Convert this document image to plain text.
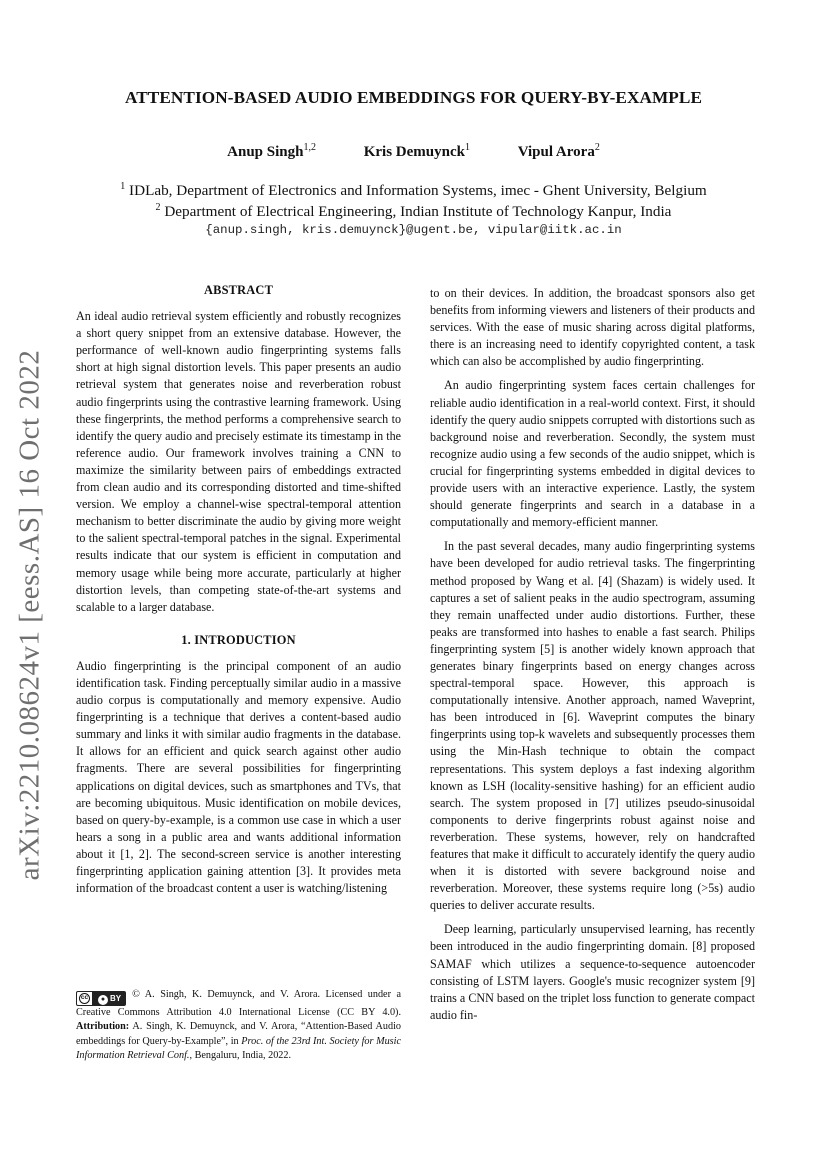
arXiv:2210.08624v1 [eess.AS] 16 Oct 2022
ATTENTION-BASED AUDIO EMBEDDINGS FOR QUERY-BY-EXAMPLE
Anup Singh$^{1,2}$	Kris Demuynck$^1$	Vipul Arora$^2$
$^1$ IDLab, Department of Electronics and Information Systems, imec - Ghent University, Belgium
$^2$ Department of Electrical Engineering, Indian Institute of Technology Kanpur, India
{anup.singh, kris.demuynck}@ugent.be, vipular@iitk.ac.in
ABSTRACT

An ideal audio retrieval system efficiently and robustly recognizes a short query snippet from an extensive database. However, the performance of well-known audio fingerprinting systems falls short at high signal distortion levels. This paper presents an audio retrieval system that generates noise and reverberation robust audio fingerprints using the contrastive learning framework. Using these fingerprints, the method performs a comprehensive search to identify the query audio and precisely estimate its timestamp in the reference audio. Our framework involves training a CNN to maximize the similarity between pairs of embeddings extracted from clean audio and its corresponding distorted and time-shifted version. We employ a channel-wise spectral-temporal attention mechanism to better discriminate the audio by giving more weight to the salient spectral-temporal patches in the signal. Experimental results indicate that our system is efficient in computation and memory usage while being more accurate, particularly at higher distortion levels, than competing state-of-the-art systems and scalable to a larger database.

1. INTRODUCTION

Audio fingerprinting is the principal component of an audio identification task. Finding perceptually similar audio in a massive audio corpus is computationally and memory expensive. Audio fingerprinting is a technique that derives a content-based audio summary and links it with similar audio fragments in the database. It allows for an efficient and quick search against other audio fragments. There are several possibilities for fingerprinting applications on digital devices, such as smartphones and TVs, that are becoming ubiquitous. Music identification on mobile devices, based on query-by-example, is a common use case in which a user hears a song in a public area and wants additional information about it [1, 2]. The second-screen service is another interesting fingerprinting application gaining attention [3]. It provides meta information of the broadcast content a user is watching/listening

to on their devices. In addition, the broadcast sponsors also get benefits from informing viewers and listeners of their products and services. With the ease of music sharing across digital platforms, there is an increasing need to identify copyrighted content, a task which can also be accomplished by audio fingerprinting.

An audio fingerprinting system faces certain challenges for reliable audio identification in a real-world context. First, it should identify the query audio snippets corrupted with distortions such as background noise and reverberation. Secondly, the system must recognize audio using a few seconds of the audio snippet, which is crucial for fingerprinting systems embedded in digital devices to provide users with an interactive experience. Lastly, the system should generate fingerprints and search in a database in a computationally and memory-efficient manner.

In the past several decades, many audio fingerprinting systems have been developed for audio retrieval tasks. The fingerprinting method proposed by Wang et al. [4] (Shazam) is widely used. It captures a set of salient peaks in the audio spectrogram, assuming they remain unaffected under audio distortions. Further, these peaks are transformed into hashes to enable a fast search. Philips fingerprinting system [5] is another widely known approach that generates binary fingerprints based on energy changes across spectral-temporal space. However, this approach is computationally intensive. Another approach, named Waveprint, has been introduced in [6]. Waveprint computes the binary fingerprints using top-k wavelets and subsequently processes them using the Min-Hash technique to obtain the compact representations. This system deploys a fast indexing algorithm known as LSH (locality-sensitive hashing) for an efficient audio search. The system proposed in [7] utilizes pseudo-sinusoidal components to derive fingerprints robust against noise and reverberation. These systems, however, rely on handcrafted features that make it difficult to accurately identify the query audio when it is distorted with severe background noise and reverberation. Moreover, these systems require long (>5s) audio queries to deliver accurate results.

Deep learning, particularly unsupervised learning, has recently been introduced in the audio fingerprinting domain. [8] proposed SAMAF which utilizes a sequence-to-sequence autoencoder consisting of LSTM layers. Google's music recognizer system [9] trains a CNN based on the triplet loss function to generate compact audio fin-

cc	● BY	© A. Singh, K. Demuynck, and V. Arora. Licensed under a Creative Commons Attribution 4.0 International License (CC BY 4.0). Attribution: A. Singh, K. Demuynck, and V. Arora, “Attention-Based Audio embeddings for Query-by-Example”, in Proc. of the 23rd Int. Society for Music Information Retrieval Conf., Bengaluru, India, 2022.
